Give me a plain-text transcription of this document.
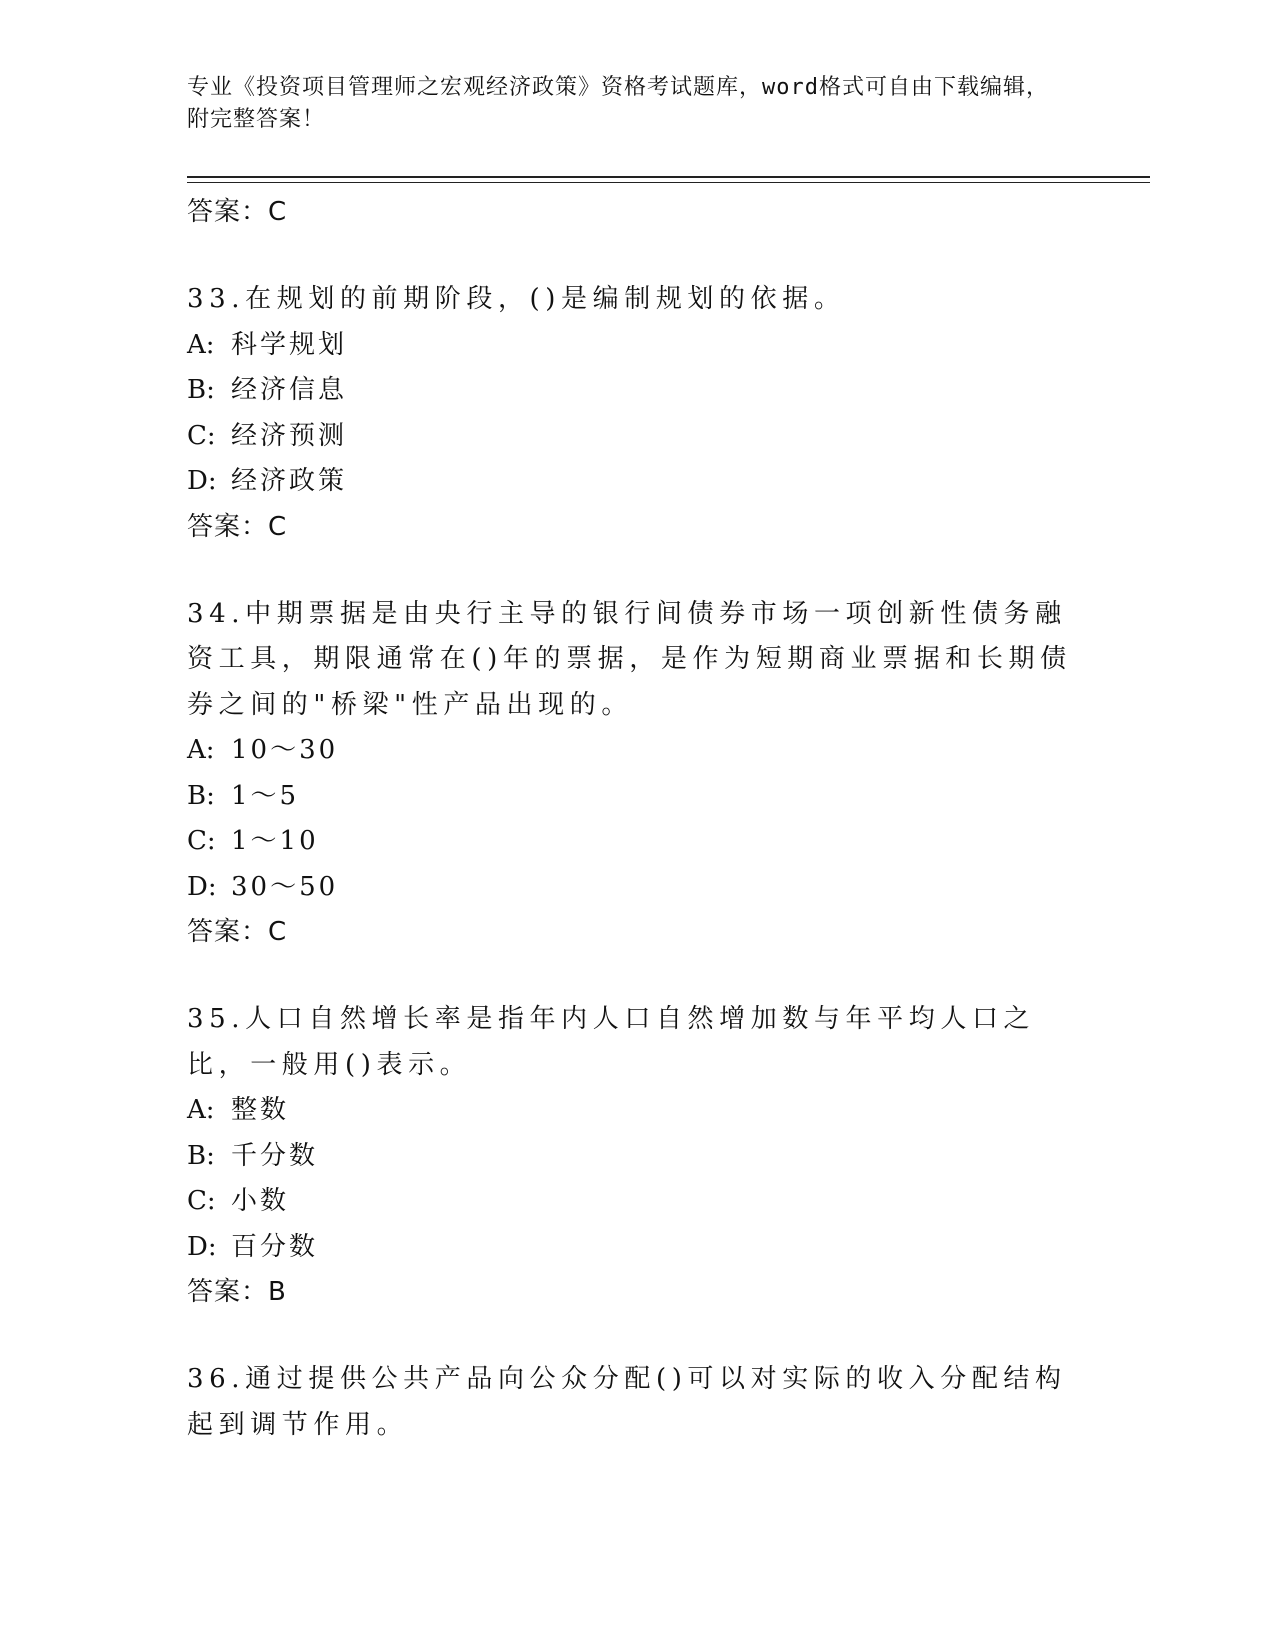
专业《投资项目管理师之宏观经济政策》资格考试题库，word格式可自由下载编辑，附完整答案！
答案：C
33.在规划的前期阶段，()是编制规划的依据。
A: 科学规划
B: 经济信息
C: 经济预测
D: 经济政策
答案：C
34.中期票据是由央行主导的银行间债券市场一项创新性债务融资工具，期限通常在()年的票据，是作为短期商业票据和长期债券之间的"桥梁"性产品出现的。
A: 10～30
B: 1～5
C: 1～10
D: 30～50
答案：C
35.人口自然增长率是指年内人口自然增加数与年平均人口之比，一般用()表示。
A: 整数
B: 千分数
C: 小数
D: 百分数
答案：B
36.通过提供公共产品向公众分配()可以对实际的收入分配结构起到调节作用。
